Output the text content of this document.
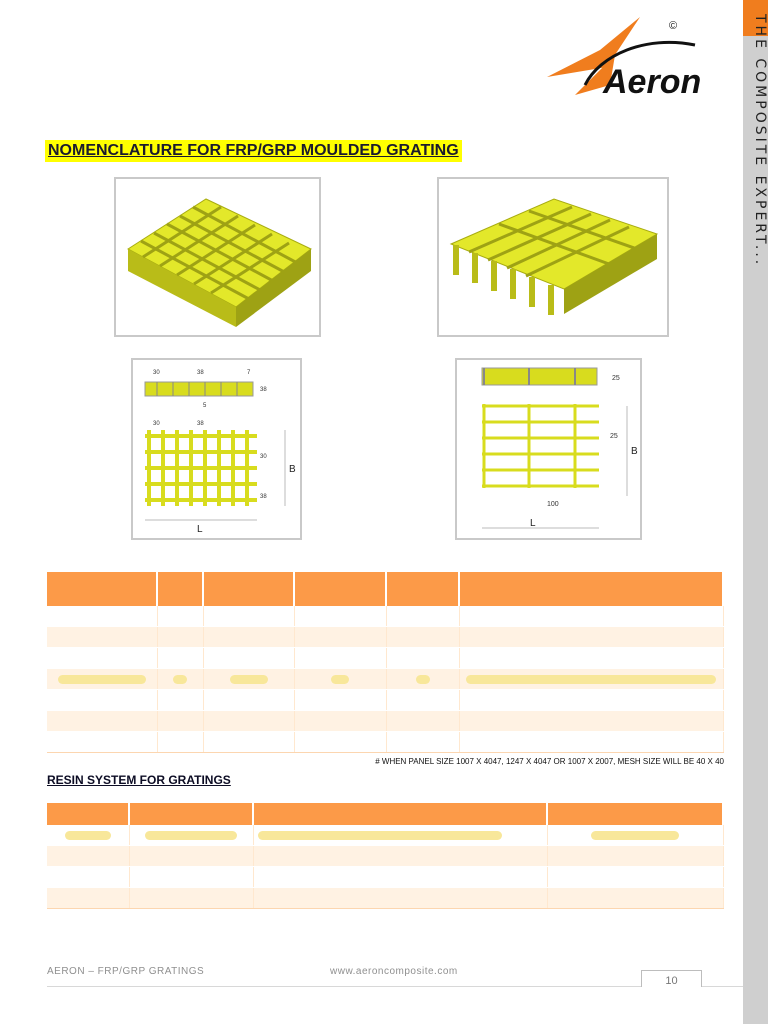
THE COMPOSITE EXPERT...
Aeron
©
NOMENCLATURE FOR FRP/GRP MOULDED GRATING
30	38	7
38
5
30	38
30
38
L
B
25
25
100
L
B

# WHEN PANEL SIZE 1007 X 4047, 1247 X 4047 OR 1007 X 2007, MESH SIZE WILL BE 40 X 40
RESIN SYSTEM FOR GRATINGS

AERON – FRP/GRP GRATINGS	www.aeroncomposite.com
10
